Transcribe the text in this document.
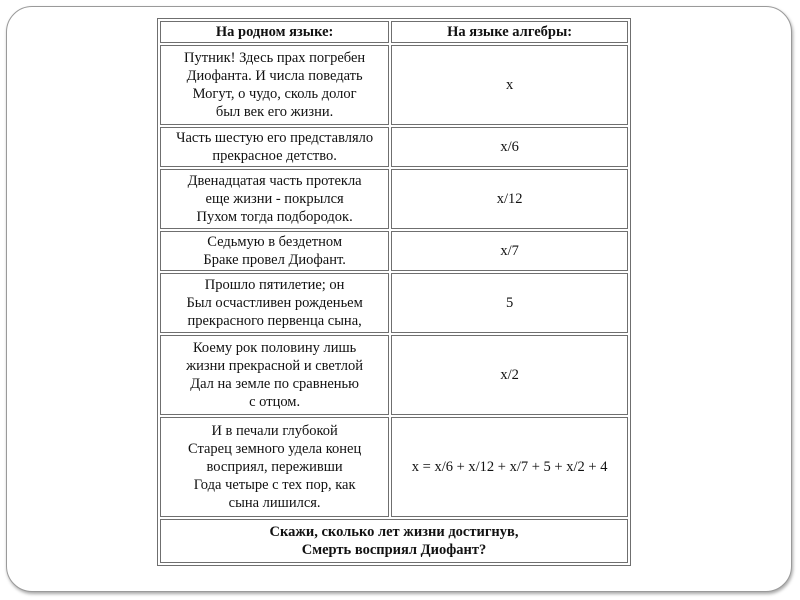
На родном языке:	На языке алгебры:
Путник! Здесь прах погребен
Диофанта. И числа поведать
Могут, о чудо, сколь долог
был век его жизни.	x
Часть шестую его представляло
прекрасное детство.	x/6
Двенадцатая часть протекла
еще жизни - покрылся
Пухом тогда подбородок.	x/12
Седьмую в бездетном
Браке провел Диофант.	x/7
Прошло пятилетие; он
Был осчастливен рожденьем
прекрасного первенца сына,	5
Коему рок половину лишь
жизни прекрасной и светлой
Дал на земле по сравненью
с отцом.	x/2
И в печали глубокой
Старец земного удела конец
восприял, переживши
Года четыре с тех пор, как
сына лишился.	x = x/6 + x/12 + x/7 + 5 + x/2 + 4
Скажи, сколько лет жизни достигнув,
Смерть восприял Диофант?	
